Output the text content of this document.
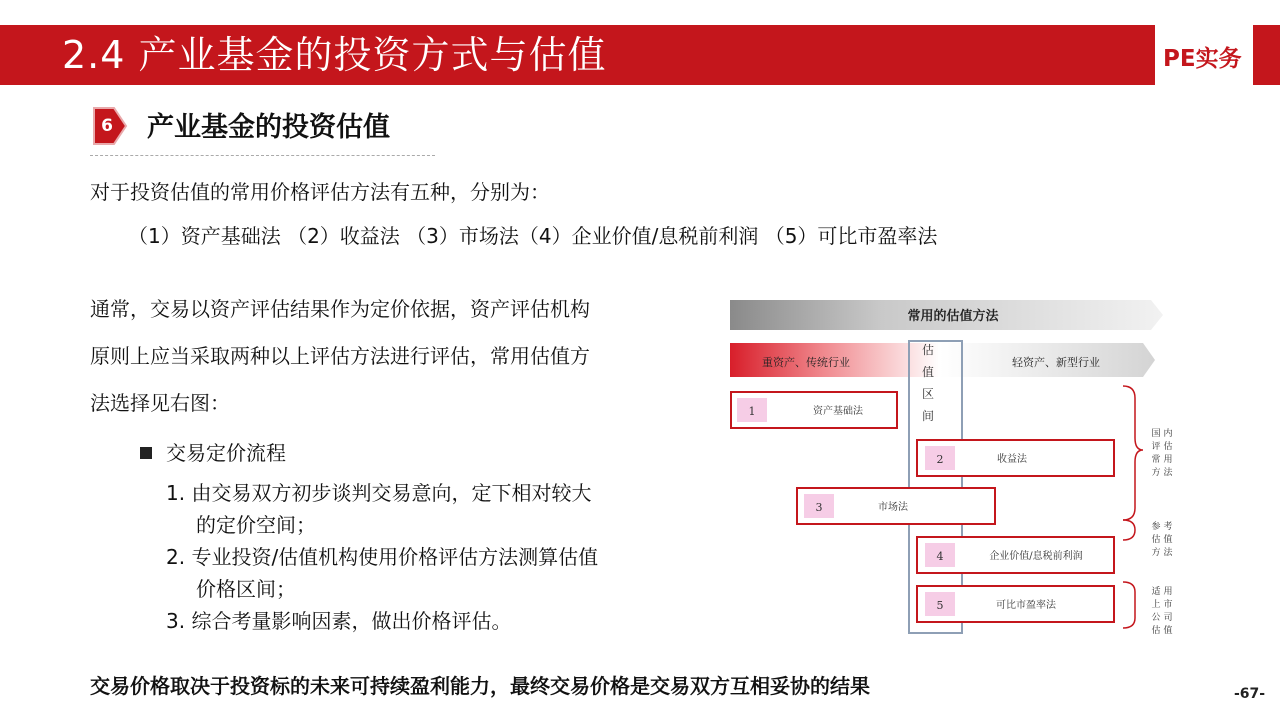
2.4 产业基金的投资方式与估值	PE实务
6 产业基金的投资估值
对于投资估值的常用价格评估方法有五种，分别为：
（1）资产基础法 （2）收益法 （3）市场法（4）企业价值/息税前利润 （5）可比市盈率法
通常，交易以资产评估结果作为定价依据，资产评估机构
原则上应当采取两种以上评估方法进行评估，常用估值方
法选择见右图：
交易定价流程
1. 由交易双方初步谈判交易意向，定下相对较大
的定价空间；
2. 专业投资/估值机构使用价格评估方法测算估值
价格区间；
3. 综合考量影响因素，做出价格评估。
常用的估值方法
重资产、传统行业	轻资产、新型行业
估
值
区
间
1	资产基础法
2	收益法
3	市场法
4	企业价值/息税前利润
5	可比市盈率法
国 内
评 估
常 用
方 法
参 考
估 值
方 法
适 用
上 市
公 司
估 值
交易价格取决于投资标的未来可持续盈利能力，最终交易价格是交易双方互相妥协的结果	-67-
